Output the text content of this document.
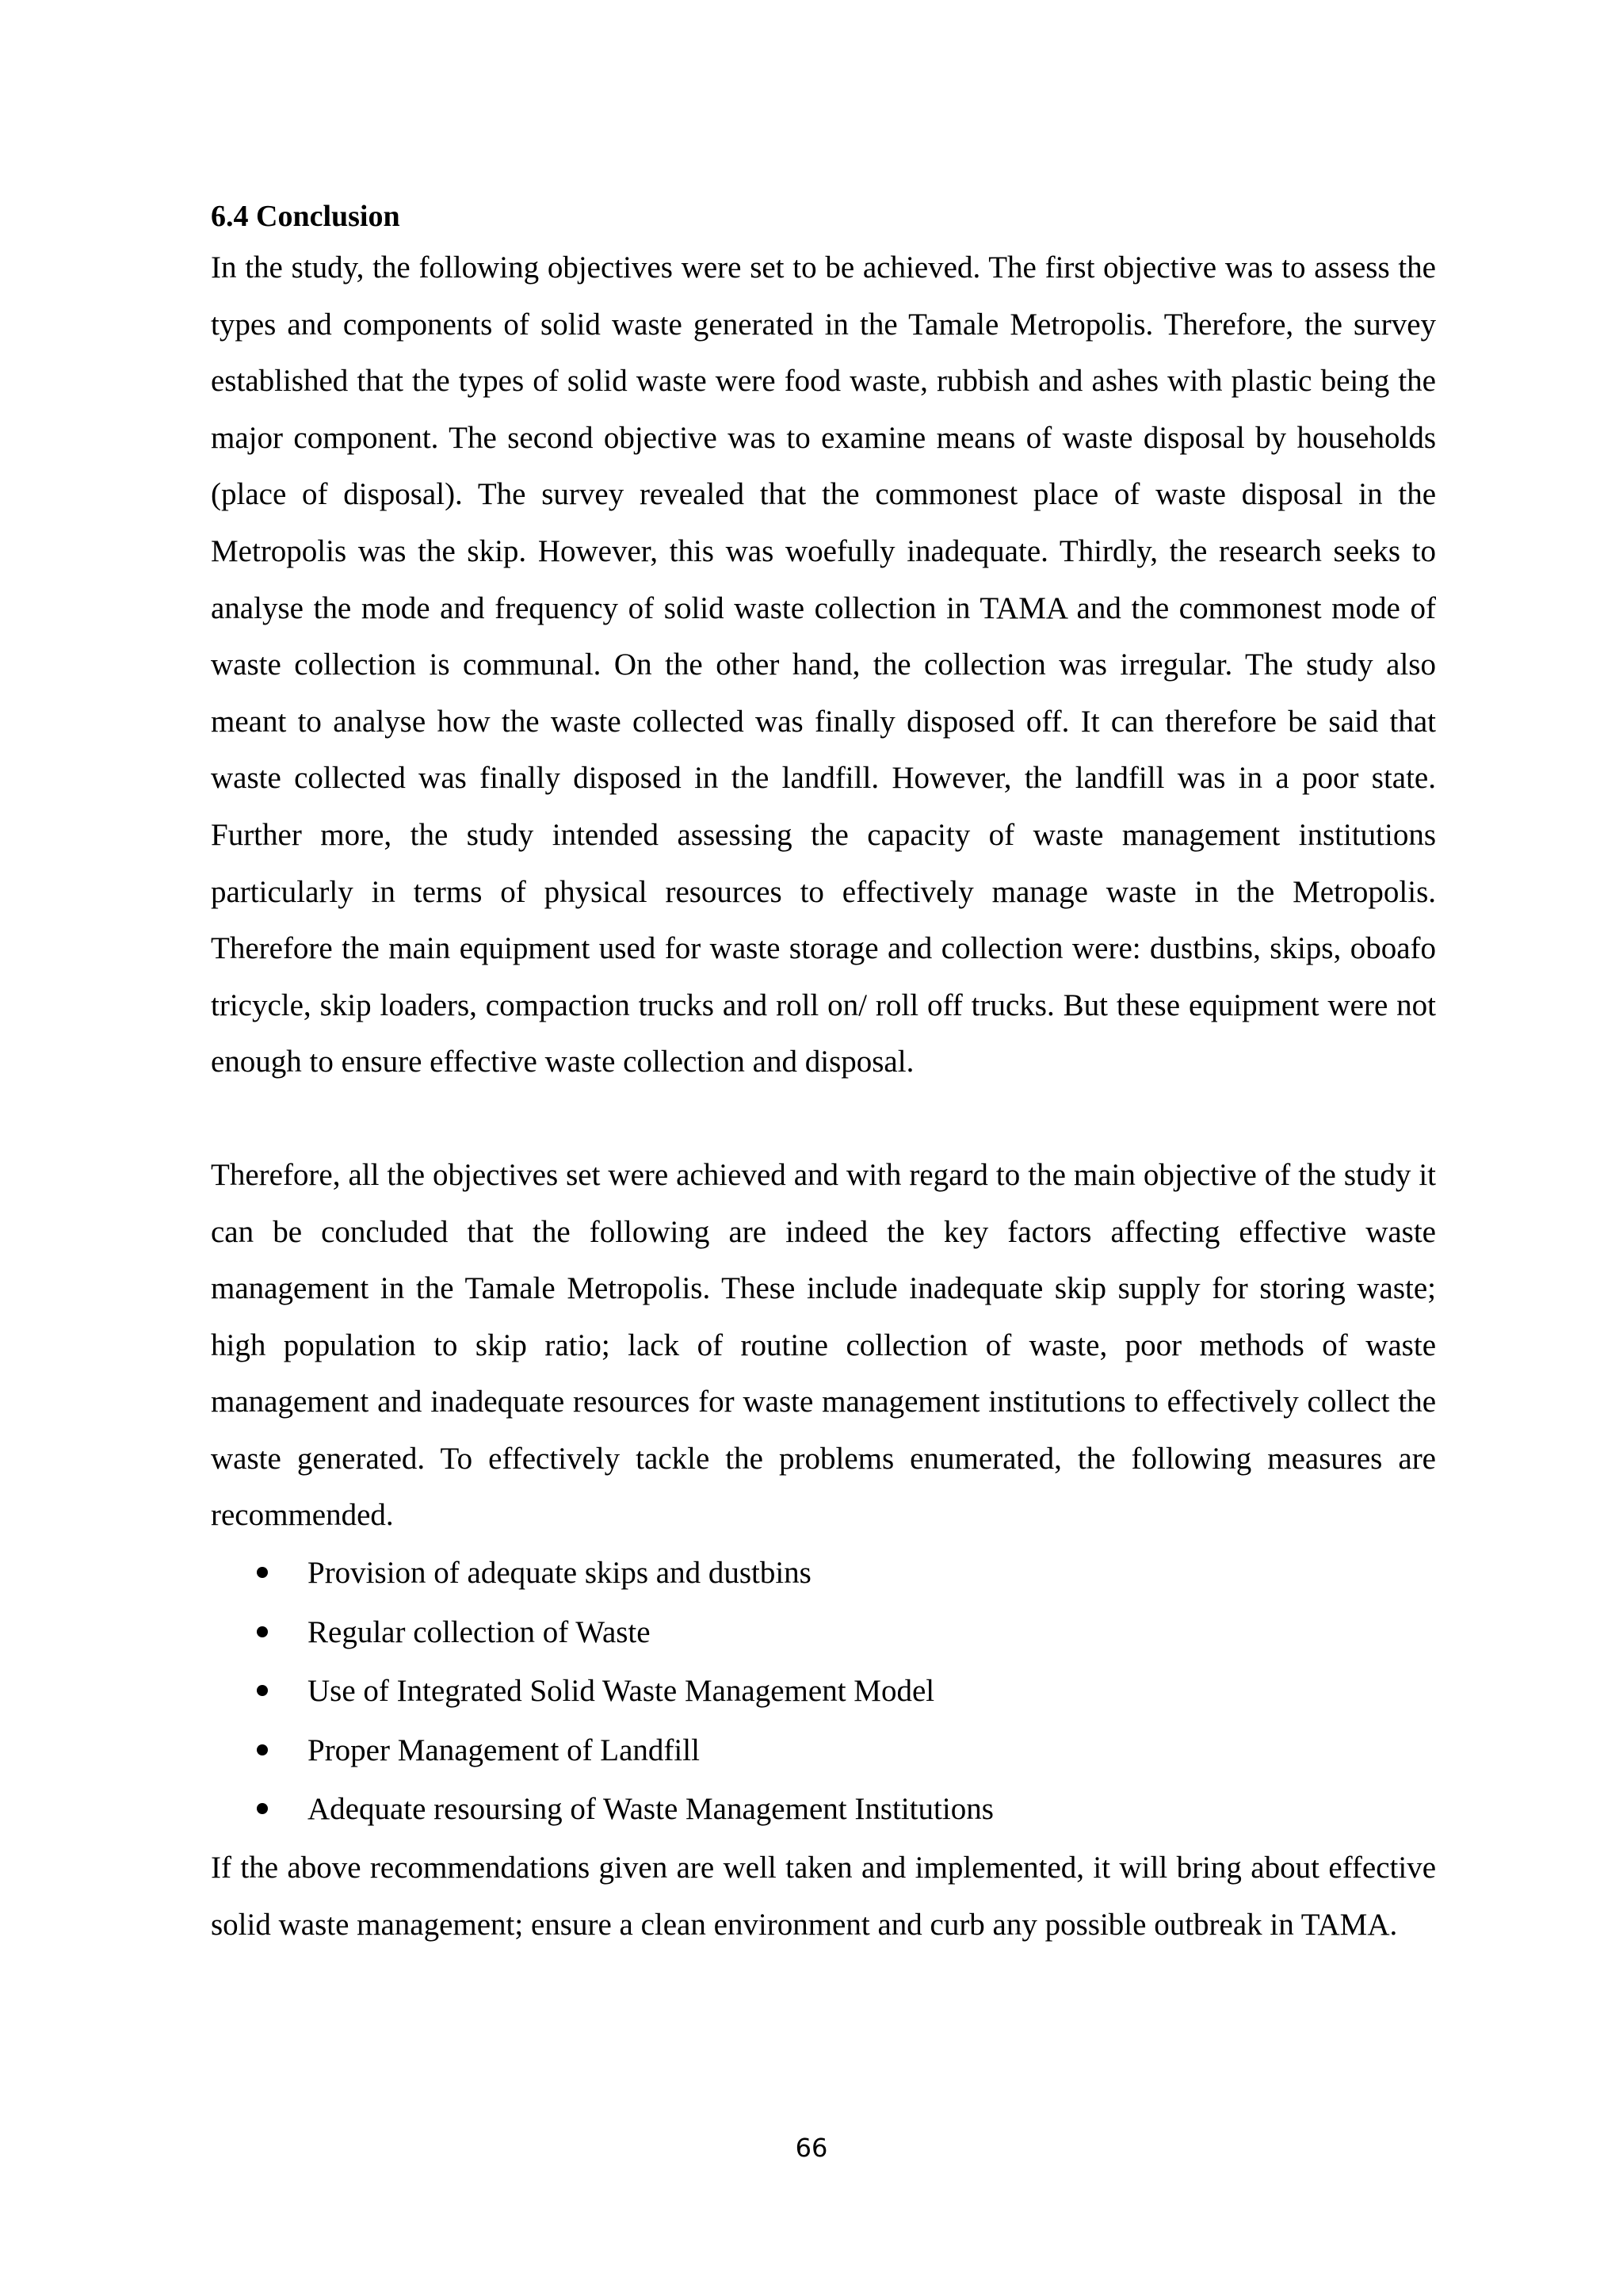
6.4 Conclusion

In the study, the following objectives were set to be achieved. The first objective was to assess the types and components of solid waste generated in the Tamale Metropolis. Therefore, the survey established that the types of solid waste were food waste, rubbish and ashes with plastic being the major component. The second objective was to examine means of waste disposal by households (place of disposal). The survey revealed that the commonest place of waste disposal in the Metropolis was the skip. However, this was woefully inadequate. Thirdly, the research seeks to analyse the mode and frequency of solid waste collection in TAMA and the commonest mode of waste collection is communal. On the other hand, the collection was irregular. The study also meant to analyse how the waste collected was finally disposed off. It can therefore be said that waste collected was finally disposed in the landfill. However, the landfill was in a poor state. Further more, the study intended assessing the capacity of waste management institutions particularly in terms of physical resources to effectively manage waste in the Metropolis. Therefore the main equipment used for waste storage and collection were: dustbins, skips, oboafo tricycle, skip loaders, compaction trucks and roll on/ roll off trucks. But these equipment were not enough to ensure effective waste collection and disposal.

Therefore, all the objectives set were achieved and with regard to the main objective of the study it can be concluded that the following are indeed the key factors affecting effective waste management in the Tamale Metropolis. These include inadequate skip supply for storing waste; high population to skip ratio; lack of routine collection of waste, poor methods of waste management and inadequate resources for waste management institutions to effectively collect the waste generated. To effectively tackle the problems enumerated, the following measures are recommended.

Provision of adequate skips and dustbins
Regular collection of Waste
Use of Integrated Solid Waste Management Model
Proper Management of Landfill
Adequate resoursing of Waste Management Institutions

If the above recommendations given are well taken and implemented, it will bring about effective solid waste management; ensure a clean environment and curb any possible outbreak in TAMA.

66
